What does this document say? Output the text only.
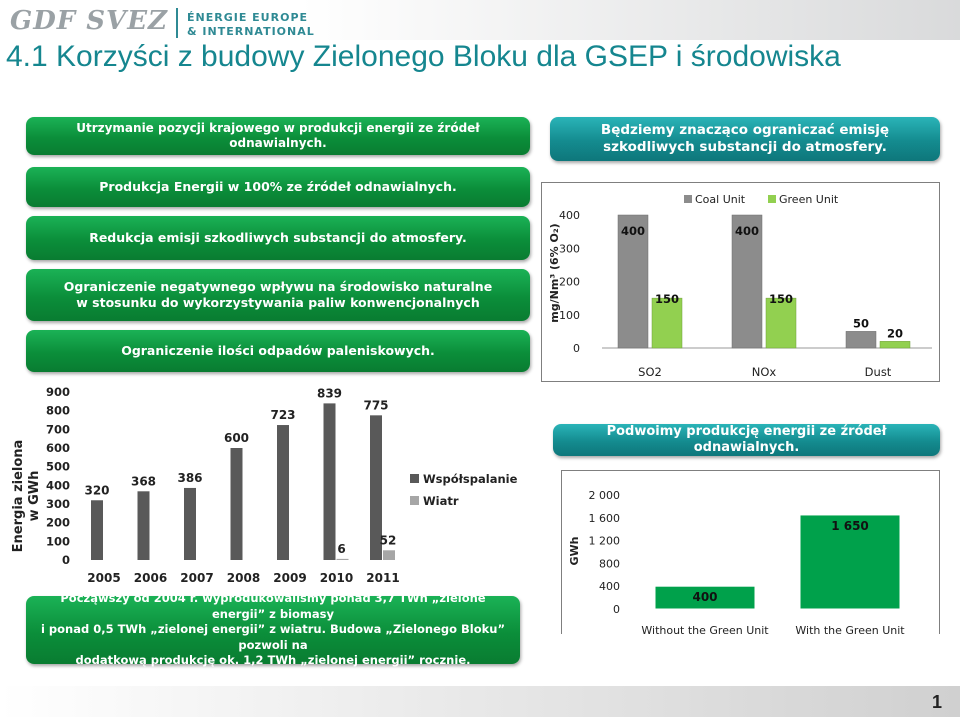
GDF SVEZ ÉNERGIE EUROPE
& INTERNATIONAL
4.1 Korzyści z budowy Zielonego Bloku dla GSEP i środowiska
Utrzymanie pozycji krajowego w produkcji energii ze źródeł odnawialnych.
Będziemy znacząco ograniczać emisję szkodliwych substancji do atmosfery.
Produkcja Energii w 100% ze źródeł odnawialnych.
Redukcja emisji szkodliwych substancji do atmosfery.
Ograniczenie negatywnego wpływu na środowisko naturalne
w stosunku do wykorzystywania paliw konwencjonalnych
Ograniczenie ilości odpadów paleniskowych.
0
100
200
300
400
500
600
700
800
900
320
368 386
600
723
839
6
775
52
2005 2006 2007 2008 2009 2010 2011
Energia zielona w GWh	Współspalanie
Wiatr
Począwszy od 2004 r. wyprodukowaliśmy ponad 3,7 TWh „zielone energii” z biomasy
i ponad 0,5 TWh „zielonej energii” z wiatru. Budowa „Zielonego Bloku” pozwoli na
dodatkową produkcję ok. 1,2 TWh „zielonej energii” rocznie.
0
100
200
300
400
400
150
400
150
50
20
SO2	NOx	Dust
mg/Nm³ (6% O₂)
Coal Unit	Green Unit
Podwoimy produkcję energii ze źródeł odnawialnych.
0
400
800
1 200
1 600
2 000
400
1 650
Without the Green Unit With the Green Unit
GWh
1
